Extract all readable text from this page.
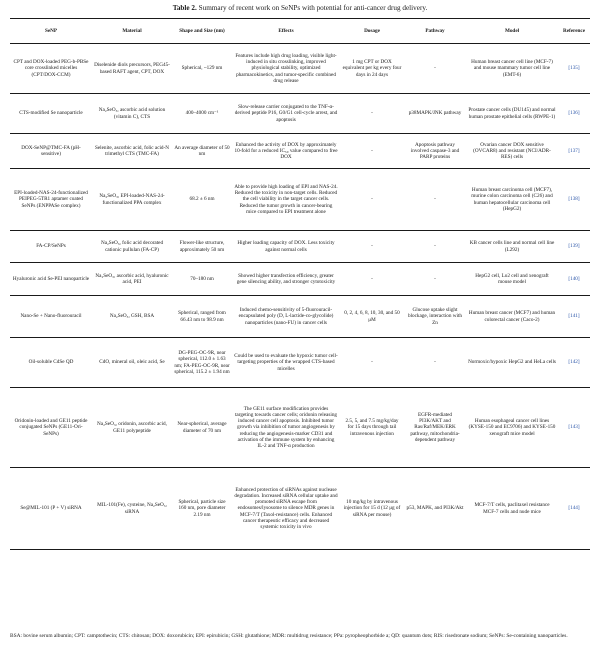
Table 2. Summary of recent work on SeNPs with potential for anti-cancer drug delivery.
SeNP	Material	Shape and Size (nm)	Effects	Dosage	Pathway	Model	Reference
CPT and DOX-loaded PEG-b-PBSe core crosslinked micelles (CPT/DOX-CCM)	Diselenide diols precursors, PEG45-based RAFT agent, CPT, DOX	Spherical, ~129 nm	Features include high drug loading, visible light-induced in situ crosslinking, improved physiological stability, optimized pharmacokinetics, and tumor-specific combined drug release	1 mg CPT or DOX equivalent per kg every four days in 24 days	-	Human breast cancer cell line (MCF-7) and mouse mammary tumor cell line (EMT-6)	[135]
CTS-modified Se nanoparticle	Na₂SeO₃, ascorbic acid solution (vitamin C), CTS	400–4000 cm⁻¹	Slow-release carrier conjugated to the TNF-α-derived peptide P16, G0/G1 cell-cycle arrest, and apoptosis	-	p38MAPK/JNK pathway	Prostate cancer cells (DU145) and normal human prostate epithelial cells (RWPE-1)	[136]
DOX-SeNP@TMC-FA (pH-sensitive)	Selenite, ascorbic acid, folic acid-N trimethyl CTS (TMC-FA)	An average diameter of 50 nm	Enhanced the activity of DOX by approximately 10-fold for a reduced IC₅₀ value compared to free DOX	-	Apoptosis pathway involved caspase-3 and PARP proteins	Ovarian cancer DOX sensitive (OVCAR8) and resistant (NCI/ADR-RES) cells	[137]
EPI-loaded-NAS-24-functionalized PEIPEG-5TR1 aptamer coated SeNPs (ENPPASe complex)	Na₂SeO₃, EPI-loaded-NAS-24-functionalized PPA complex	68.2 ± 6 nm	Able to provide high loading of EPI and NAS-24. Reduced the toxicity in non-target cells. Reduced the cell viability in the target cancer cells. Reduced the tumor growth in cancer-bearing mice compared to EPI treatment alone	-	-	Human breast carcinoma cell (MCF7), murine colon carcinoma cell (C26) and human hepatocellular carcinoma cell (HepG2)	[138]
FA-CP/SeNPs	Na₂SeO₃, folic acid decorated cationic pullulan (FA-CP)	Flower-like structure, approximately 50 nm	Higher loading capacity of DOX. Less toxicity against normal cells	-	-	KB cancer cells line and normal cell line (L292)	[139]
Hyaluronic acid Se-PEI nanoparticle	Na₂SeO₃, ascorbic acid, hyaluronic acid, PEI	70–180 nm	Showed higher transfection efficiency, greater gene silencing ability, and stronger cytotoxicity	-	-	HepG2 cell, Lo2 cell and xenograft mouse model	[140]
Nano-Se + Nano-fluorouracil	Na₂SeO₃, GSH, BSA	Spherical, ranged from 66.43 nm to 98.9 nm	Induced chemo-sensitivity of 5-fluorouracil-encapsulated poly (D, L-lactide-co-glycolide) nanoparticles (nano-FU) in cancer cells	0, 2, 4, 6, 8, 10, 30, and 50 μM	Glucose uptake slight blockage, interaction with Zn	Human breast cancer (MCF7) and human colorectal cancer (Caco-2)	[141]
Oil-soluble CdSe QD	CdO, mineral oil, oleic acid, Se	DG-PEG-OC-9R, near spherical, 112.0 ± 1.63 nm; FA-PEG-OC-9R, near spherical, 115.2 ± 1.94 nm	Could be used to evaluate the hypoxic tumor cell-targeting properties of the wrapped CTS-based micelles	-	-	Normoxic/hypoxic HepG2 and HeLa cells	[142]
Oridonin-loaded and GE11 peptide conjugated SeNPs (GE11-Ori-SeNPs)	Na₂SeO₃, oridonin, ascorbic acid, GE11 polypeptide	Near-spherical, average diameter of 70 nm	The GE11 surface modification provides targeting towards cancer cells; oridonin releasing induced cancer cell apoptosis. Inhibited tumor growth via inhibition of tumor angiogenesis by reducing the angiogenesis-marker CD31 and activation of the immune system by enhancing IL-2 and TNF-α production	2.5, 5, and 7.5 mg/kg/day for 15 days through tail intravenous injection	EGFR-mediated PI3K/AKT and Ras/Raf/MEK/ERK pathway, mitochondria-dependent pathway	Human esophageal cancer cell lines (KYSE-150 and EC9706) and KYSE-150 xenograft mice model	[143]
Se@MIL-101 (P + V) siRNA	MIL-101(Fe), cysteine, Na₂SeO₃, siRNA	Spherical, particle size 160 nm, pore diameter 2.19 nm	Enhanced protection of siRNAs against nuclease degradation. Increased siRNA cellular uptake and promoted siRNA escape from endosomes/lysosome to silence MDR genes in MCF-7/T (Taxol-resistance) cells. Enhanced cancer therapeutic efficacy and decreased systemic toxicity in vivo	10 mg/kg by intravenous injection for 15 d (12 μg of siRNA per mouse)	p53, MAPK, and PI3K/Akt	MCF-7/T cells, paclitaxel resistance MCF-7 cells and nude mice	[144]
BSA: bovine serum albumin; CPT: camptothecin; CTS: chitosan; DOX: doxorubicin; EPI: epirubicin; GSH: glutathione; MDR: multidrug resistance; PPa: pyropheophorbide a; QD: quantum dots; RIS: risedronate sodium; SeNPs: Se-containing nanoparticles.
